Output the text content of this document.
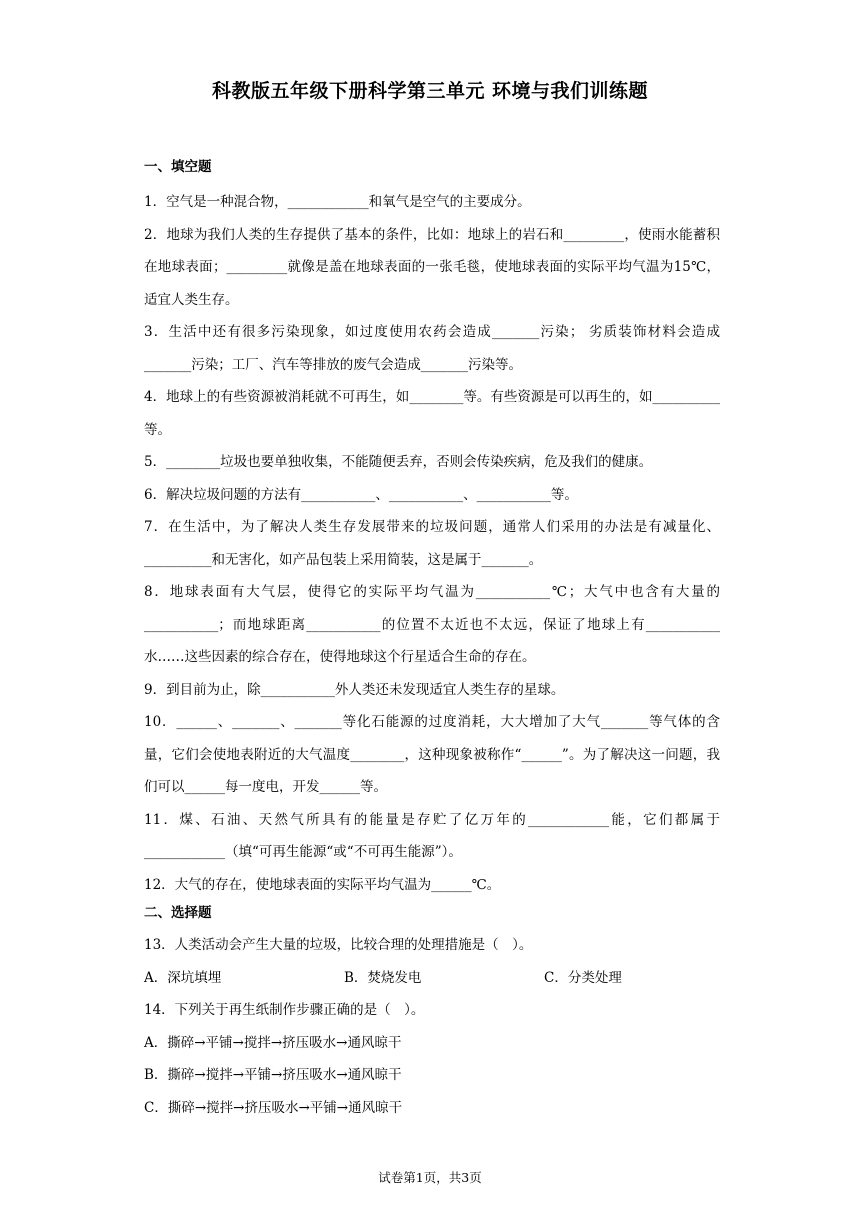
科教版五年级下册科学第三单元 环境与我们训练题
一、填空题

1．空气是一种混合物，____________和氧气是空气的主要成分。

2．地球为我们人类的生存提供了基本的条件，比如：地球上的岩石和_________，使雨水能蓄积在地球表面；_________就像是盖在地球表面的一张毛毯，使地球表面的实际平均气温为15℃，适宜人类生存。

3．生活中还有很多污染现象，如过度使用农药会造成_______污染； 劣质装饰材料会造成_______污染；工厂、汽车等排放的废气会造成_______污染等。

4．地球上的有些资源被消耗就不可再生，如________等。有些资源是可以再生的，如__________等。

5．________垃圾也要单独收集，不能随便丢弃，否则会传染疾病，危及我们的健康。

6．解决垃圾问题的方法有___________、___________、___________等。

7．在生活中，为了解决人类生存发展带来的垃圾问题，通常人们采用的办法是有减量化、__________和无害化，如产品包装上采用简装，这是属于_______。

8．地球表面有大气层，使得它的实际平均气温为___________℃；大气中也含有大量的___________；而地球距离___________的位置不太近也不太远，保证了地球上有___________水……这些因素的综合存在，使得地球这个行星适合生命的存在。

9．到目前为止，除___________外人类还未发现适宜人类生存的星球。

10．______、_______、_______等化石能源的过度消耗，大大增加了大气_______等气体的含量，它们会使地表附近的大气温度________，这种现象被称作“______”。为了解决这一问题，我们可以______每一度电，开发______等。

11．煤、石油、天然气所具有的能量是存贮了亿万年的____________能，它们都属于____________（填“可再生能源“或“不可再生能源”）。

12．大气的存在，使地球表面的实际平均气温为______℃。

二、选择题

13．人类活动会产生大量的垃圾，比较合理的处理措施是（　）。

A．深坑填埋	B．焚烧发电	C．分类处理

14．下列关于再生纸制作步骤正确的是（　）。

A．撕碎→平铺→搅拌→挤压吸水→通风晾干
B．撕碎→搅拌→平铺→挤压吸水→通风晾干
C．撕碎→搅拌→挤压吸水→平铺→通风晾干
试卷第1页，共3页
